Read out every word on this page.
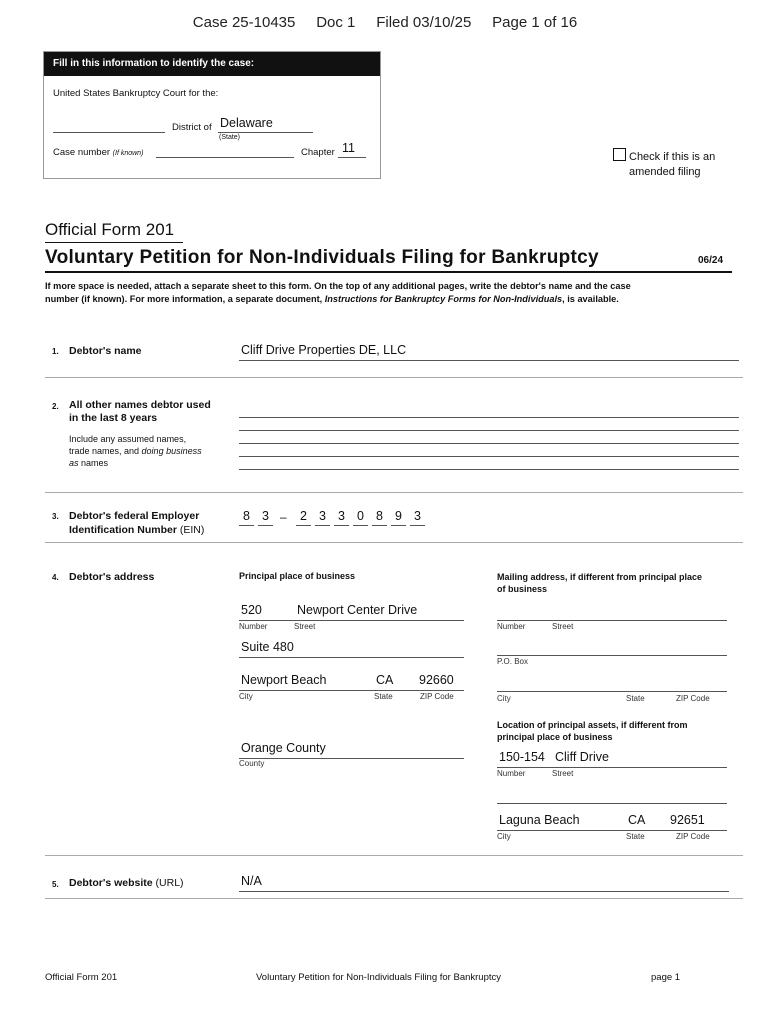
Case 25-10435 Doc 1 Filed 03/10/25 Page 1 of 16
Fill in this information to identify the case:
United States Bankruptcy Court for the:
District of Delaware
(State)
Case number (If known)	Chapter 11
Check if this is an
amended filing
Official Form 201
Voluntary Petition for Non-Individuals Filing for Bankruptcy	06/24
If more space is needed, attach a separate sheet to this form. On the top of any additional pages, write the debtor's name and the case
number (if known). For more information, a separate document, Instructions for Bankruptcy Forms for Non-Individuals, is available.
1. Debtor's name	Cliff Drive Properties DE, LLC
2. All other names debtor used
in the last 8 years
Include any assumed names,
trade names, and doing business
as names
3. Debtor's federal Employer
Identification Number (EIN)
8 3	2 3 3 0 8 9 3
–
4. Debtor's address	Principal place of business	Mailing address, if different from principal place
of business
520	Newport Center Drive
Number	Street
Suite 480
Newport Beach	CA 92660
City	State	ZIP Code
Orange County
County
Number	Street
P.O. Box
City	State	ZIP Code
Location of principal assets, if different from
principal place of business
150-154 Cliff Drive
Number	Street
Laguna Beach	CA 92651
City	State	ZIP Code
5. Debtor's website (URL)	N/A
Official Form 201	Voluntary Petition for Non-Individuals Filing for Bankruptcy	page 1
